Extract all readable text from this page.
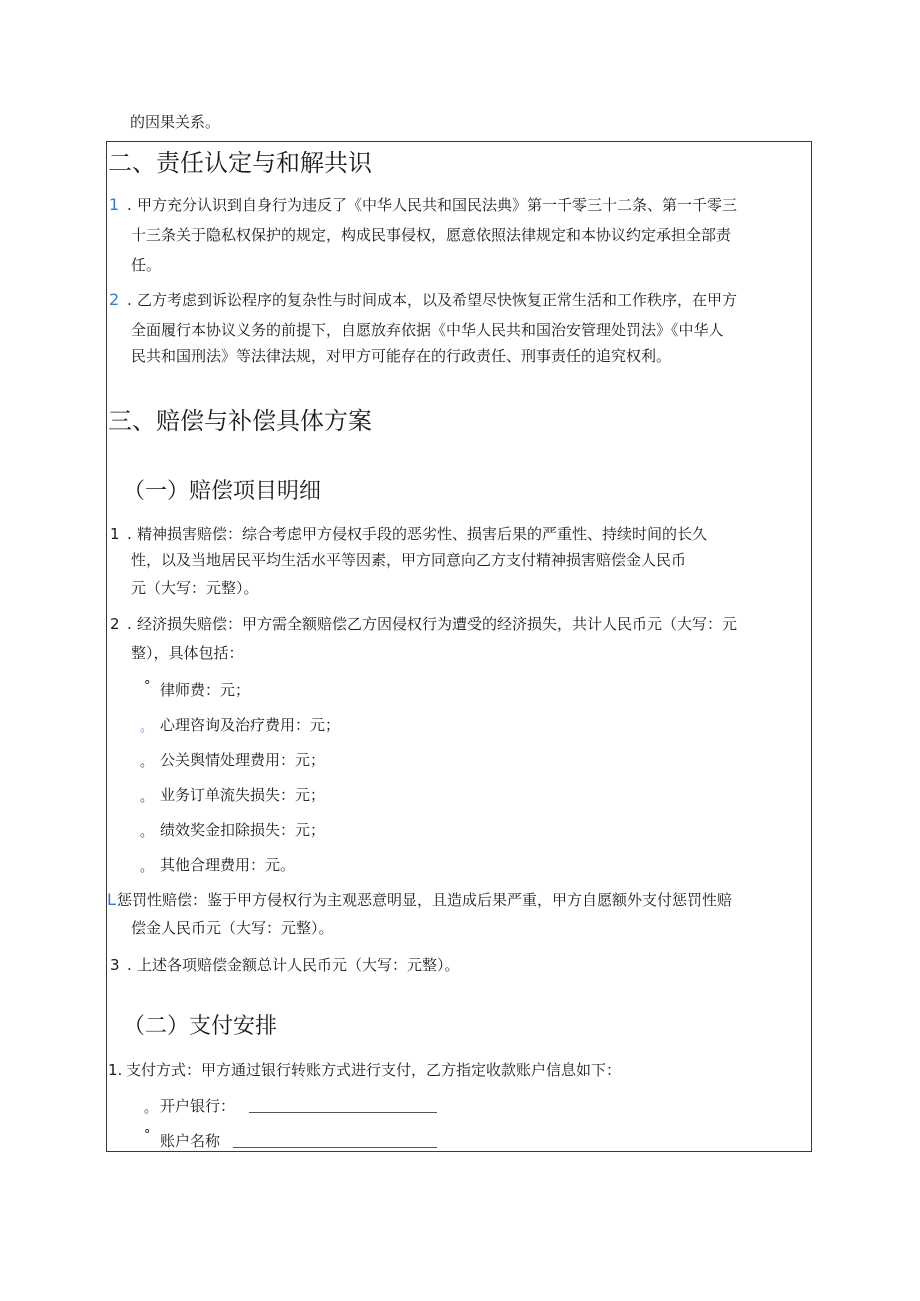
的因果关系。
二、责任认定与和解共识
1 . 甲方充分认识到自身行为违反了《中华人民共和国民法典》第一千零三十二条、第一千零三
十三条关于隐私权保护的规定，构成民事侵权，愿意依照法律规定和本协议约定承担全部责
任。
2 . 乙方考虑到诉讼程序的复杂性与时间成本，以及希望尽快恢复正常生活和工作秩序，在甲方
全面履行本协议义务的前提下，自愿放弃依据《中华人民共和国治安管理处罚法》《中华人
民共和国刑法》等法律法规，对甲方可能存在的行政责任、刑事责任的追究权利。
三、赔偿与补偿具体方案
（一）赔偿项目明细
1 . 精神损害赔偿：综合考虑甲方侵权手段的恶劣性、损害后果的严重性、持续时间的长久
性，以及当地居民平均生活水平等因素，甲方同意向乙方支付精神损害赔偿金人民币
元（大写：元整）。
2 . 经济损失赔偿：甲方需全额赔偿乙方因侵权行为遭受的经济损失，共计人民币元（大写：元
整），具体包括：
° 律师费：元；
。 心理咨询及治疗费用：元；
。 公关舆情处理费用：元；
。 业务订单流失损失：元；
。 绩效奖金扣除损失：元；
。 其他合理费用：元。
L 惩罚性赔偿：鉴于甲方侵权行为主观恶意明显，且造成后果严重，甲方自愿额外支付惩罚性赔
偿金人民币元（大写：元整）。
3 . 上述各项赔偿金额总计人民币元（大写：元整）。
（二）支付安排
1. 支付方式：甲方通过银行转账方式进行支付，乙方指定收款账户信息如下：
。 开户银行：
° 账户名称
